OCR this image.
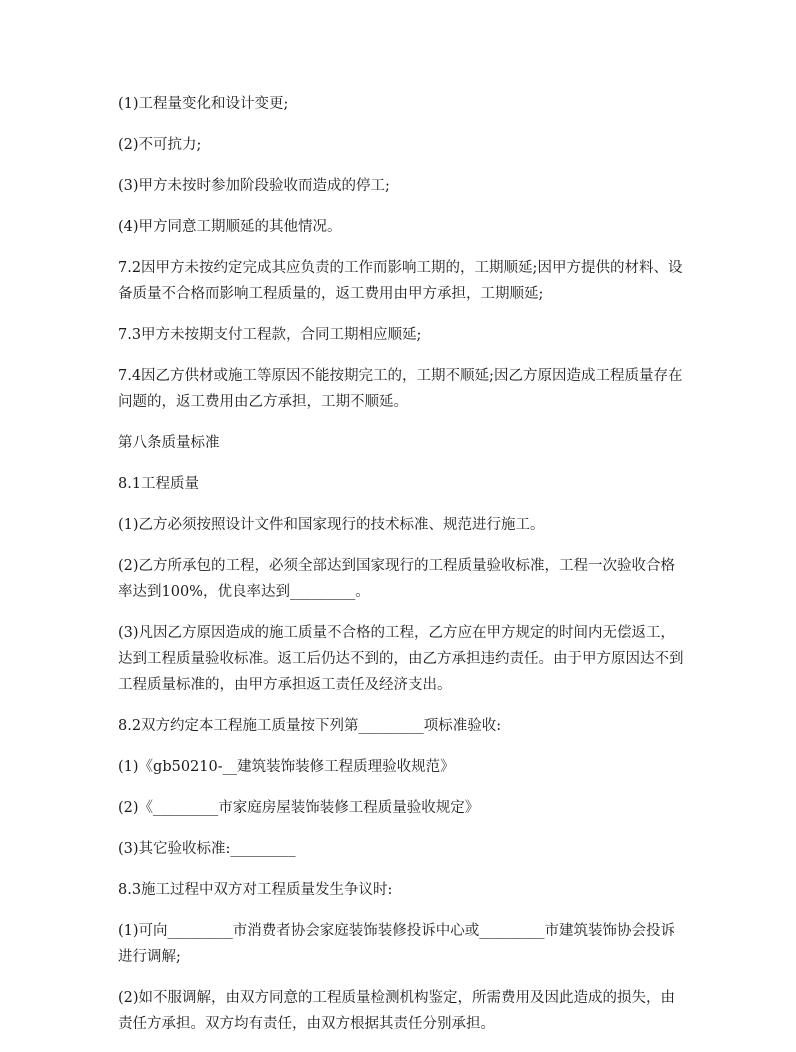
(1)工程量变化和设计变更;

(2)不可抗力;

(3)甲方未按时参加阶段验收而造成的停工;

(4)甲方同意工期顺延的其他情况。

7.2因甲方未按约定完成其应负责的工作而影响工期的，工期顺延;因甲方提供的材料、设备质量不合格而影响工程质量的，返工费用由甲方承担，工期顺延;

7.3甲方未按期支付工程款，合同工期相应顺延;

7.4因乙方供材或施工等原因不能按期完工的，工期不顺延;因乙方原因造成工程质量存在问题的，返工费用由乙方承担，工期不顺延。

第八条质量标准

8.1工程质量

(1)乙方必须按照设计文件和国家现行的技术标准、规范进行施工。

(2)乙方所承包的工程，必须全部达到国家现行的工程质量验收标准，工程一次验收合格率达到100%，优良率达到_________。

(3)凡因乙方原因造成的施工质量不合格的工程，乙方应在甲方规定的时间内无偿返工，达到工程质量验收标准。返工后仍达不到的，由乙方承担违约责任。由于甲方原因达不到工程质量标准的，由甲方承担返工责任及经济支出。

8.2双方约定本工程施工质量按下列第_________项标准验收:

(1)《gb50210-__建筑装饰装修工程质理验收规范》

(2)《_________市家庭房屋装饰装修工程质量验收规定》

(3)其它验收标准:_________

8.3施工过程中双方对工程质量发生争议时:

(1)可向_________市消费者协会家庭装饰装修投诉中心或_________市建筑装饰协会投诉进行调解;

(2)如不服调解，由双方同意的工程质量检测机构鉴定，所需费用及因此造成的损失，由责任方承担。双方均有责任，由双方根据其责任分别承担。
